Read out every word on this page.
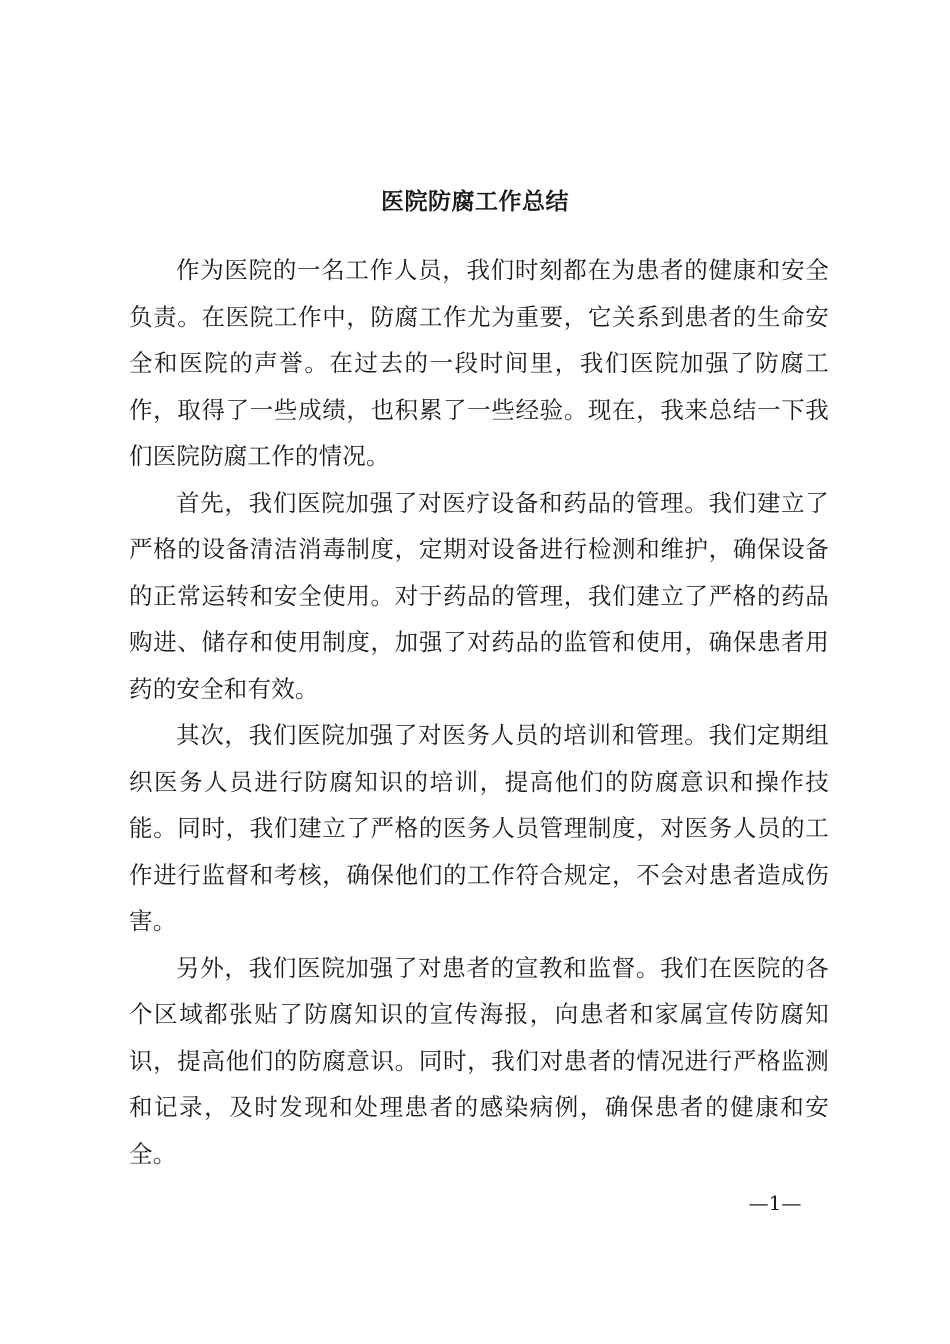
医院防腐工作总结

作为医院的一名工作人员，我们时刻都在为患者的健康和安全负责。在医院工作中，防腐工作尤为重要，它关系到患者的生命安全和医院的声誉。在过去的一段时间里，我们医院加强了防腐工作，取得了一些成绩，也积累了一些经验。现在，我来总结一下我们医院防腐工作的情况。

首先，我们医院加强了对医疗设备和药品的管理。我们建立了严格的设备清洁消毒制度，定期对设备进行检测和维护，确保设备的正常运转和安全使用。对于药品的管理，我们建立了严格的药品购进、储存和使用制度，加强了对药品的监管和使用，确保患者用药的安全和有效。

其次，我们医院加强了对医务人员的培训和管理。我们定期组织医务人员进行防腐知识的培训，提高他们的防腐意识和操作技能。同时，我们建立了严格的医务人员管理制度，对医务人员的工作进行监督和考核，确保他们的工作符合规定，不会对患者造成伤害。

另外，我们医院加强了对患者的宣教和监督。我们在医院的各个区域都张贴了防腐知识的宣传海报，向患者和家属宣传防腐知识，提高他们的防腐意识。同时，我们对患者的情况进行严格监测和记录，及时发现和处理患者的感染病例，确保患者的健康和安全。

—1—
